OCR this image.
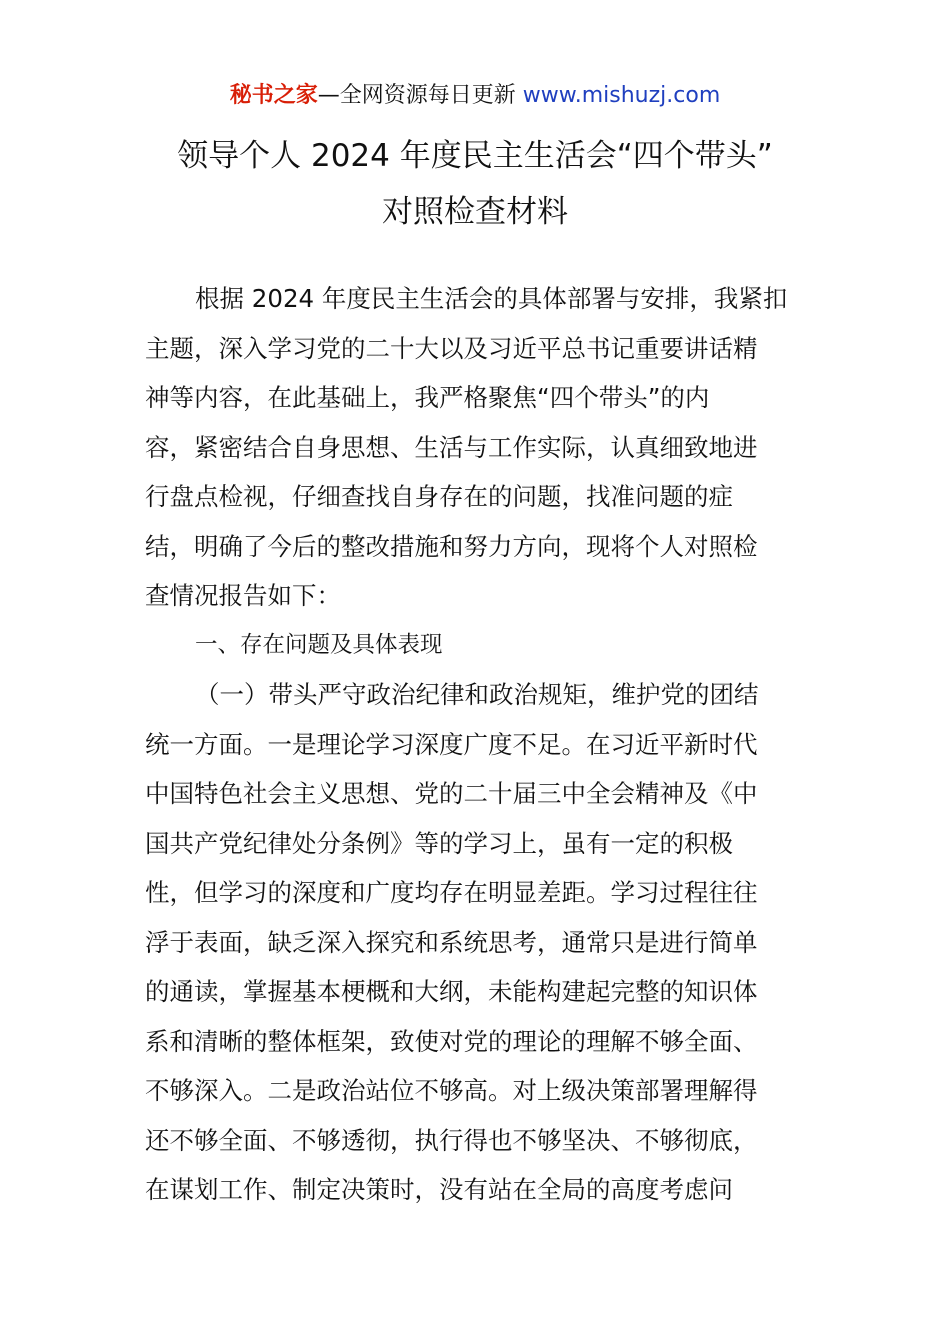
秘书之家—全网资源每日更新 www.mishuzj.com
领导个人 2024 年度民主生活会“四个带头”
对照检查材料
根据 2024 年度民主生活会的具体部署与安排，我紧扣
主题，深入学习党的二十大以及习近平总书记重要讲话精
神等内容，在此基础上，我严格聚焦“四个带头”的内
容，紧密结合自身思想、生活与工作实际，认真细致地进
行盘点检视，仔细查找自身存在的问题，找准问题的症
结，明确了今后的整改措施和努力方向，现将个人对照检
查情况报告如下：
一、存在问题及具体表现
（一）带头严守政治纪律和政治规矩，维护党的团结
统一方面。一是理论学习深度广度不足。在习近平新时代
中国特色社会主义思想、党的二十届三中全会精神及《中
国共产党纪律处分条例》等的学习上，虽有一定的积极
性，但学习的深度和广度均存在明显差距。学习过程往往
浮于表面，缺乏深入探究和系统思考，通常只是进行简单
的通读，掌握基本梗概和大纲，未能构建起完整的知识体
系和清晰的整体框架，致使对党的理论的理解不够全面、
不够深入。二是政治站位不够高。对上级决策部署理解得
还不够全面、不够透彻，执行得也不够坚决、不够彻底，
在谋划工作、制定决策时，没有站在全局的高度考虑问
